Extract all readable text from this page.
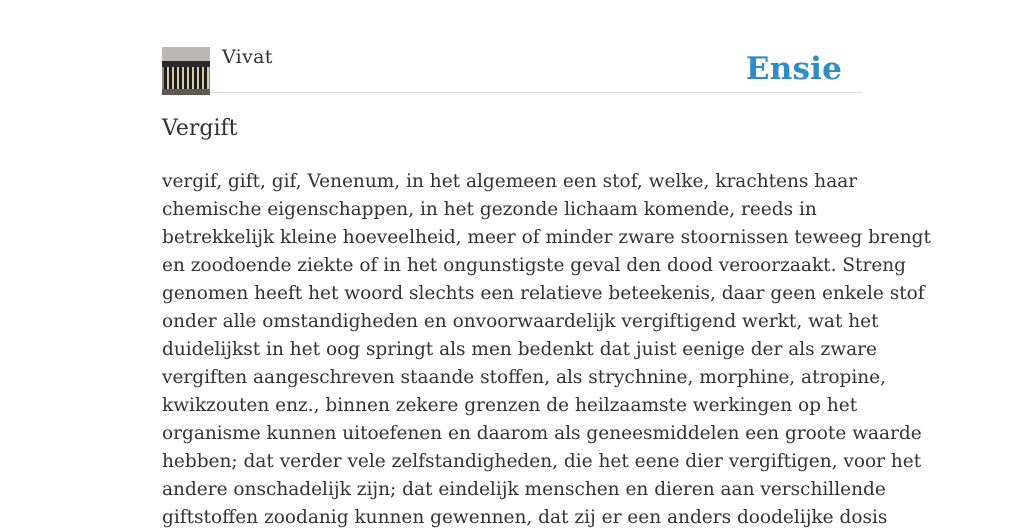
Vivat	Ensie
Vergift

vergif, gift, gif, Venenum, in het algemeen een stof, welke, krachtens haar
chemische eigenschappen, in het gezonde lichaam komende, reeds in
betrekkelijk kleine hoeveelheid, meer of minder zware stoornissen teweeg brengt
en zoodoende ziekte of in het ongunstigste geval den dood veroorzaakt. Streng
genomen heeft het woord slechts een relatieve beteekenis, daar geen enkele stof
onder alle omstandigheden en onvoorwaardelijk vergiftigend werkt, wat het
duidelijkst in het oog springt als men bedenkt dat juist eenige der als zware
vergiften aangeschreven staande stoffen, als strychnine, morphine, atropine,
kwikzouten enz., binnen zekere grenzen de heilzaamste werkingen op het
organisme kunnen uitoefenen en daarom als geneesmiddelen een groote waarde
hebben; dat verder vele zelfstandigheden, die het eene dier vergiftigen, voor het
andere onschadelijk zijn; dat eindelijk menschen en dieren aan verschillende
giftstoffen zoodanig kunnen gewennen, dat zij er een anders doodelijke dosis
